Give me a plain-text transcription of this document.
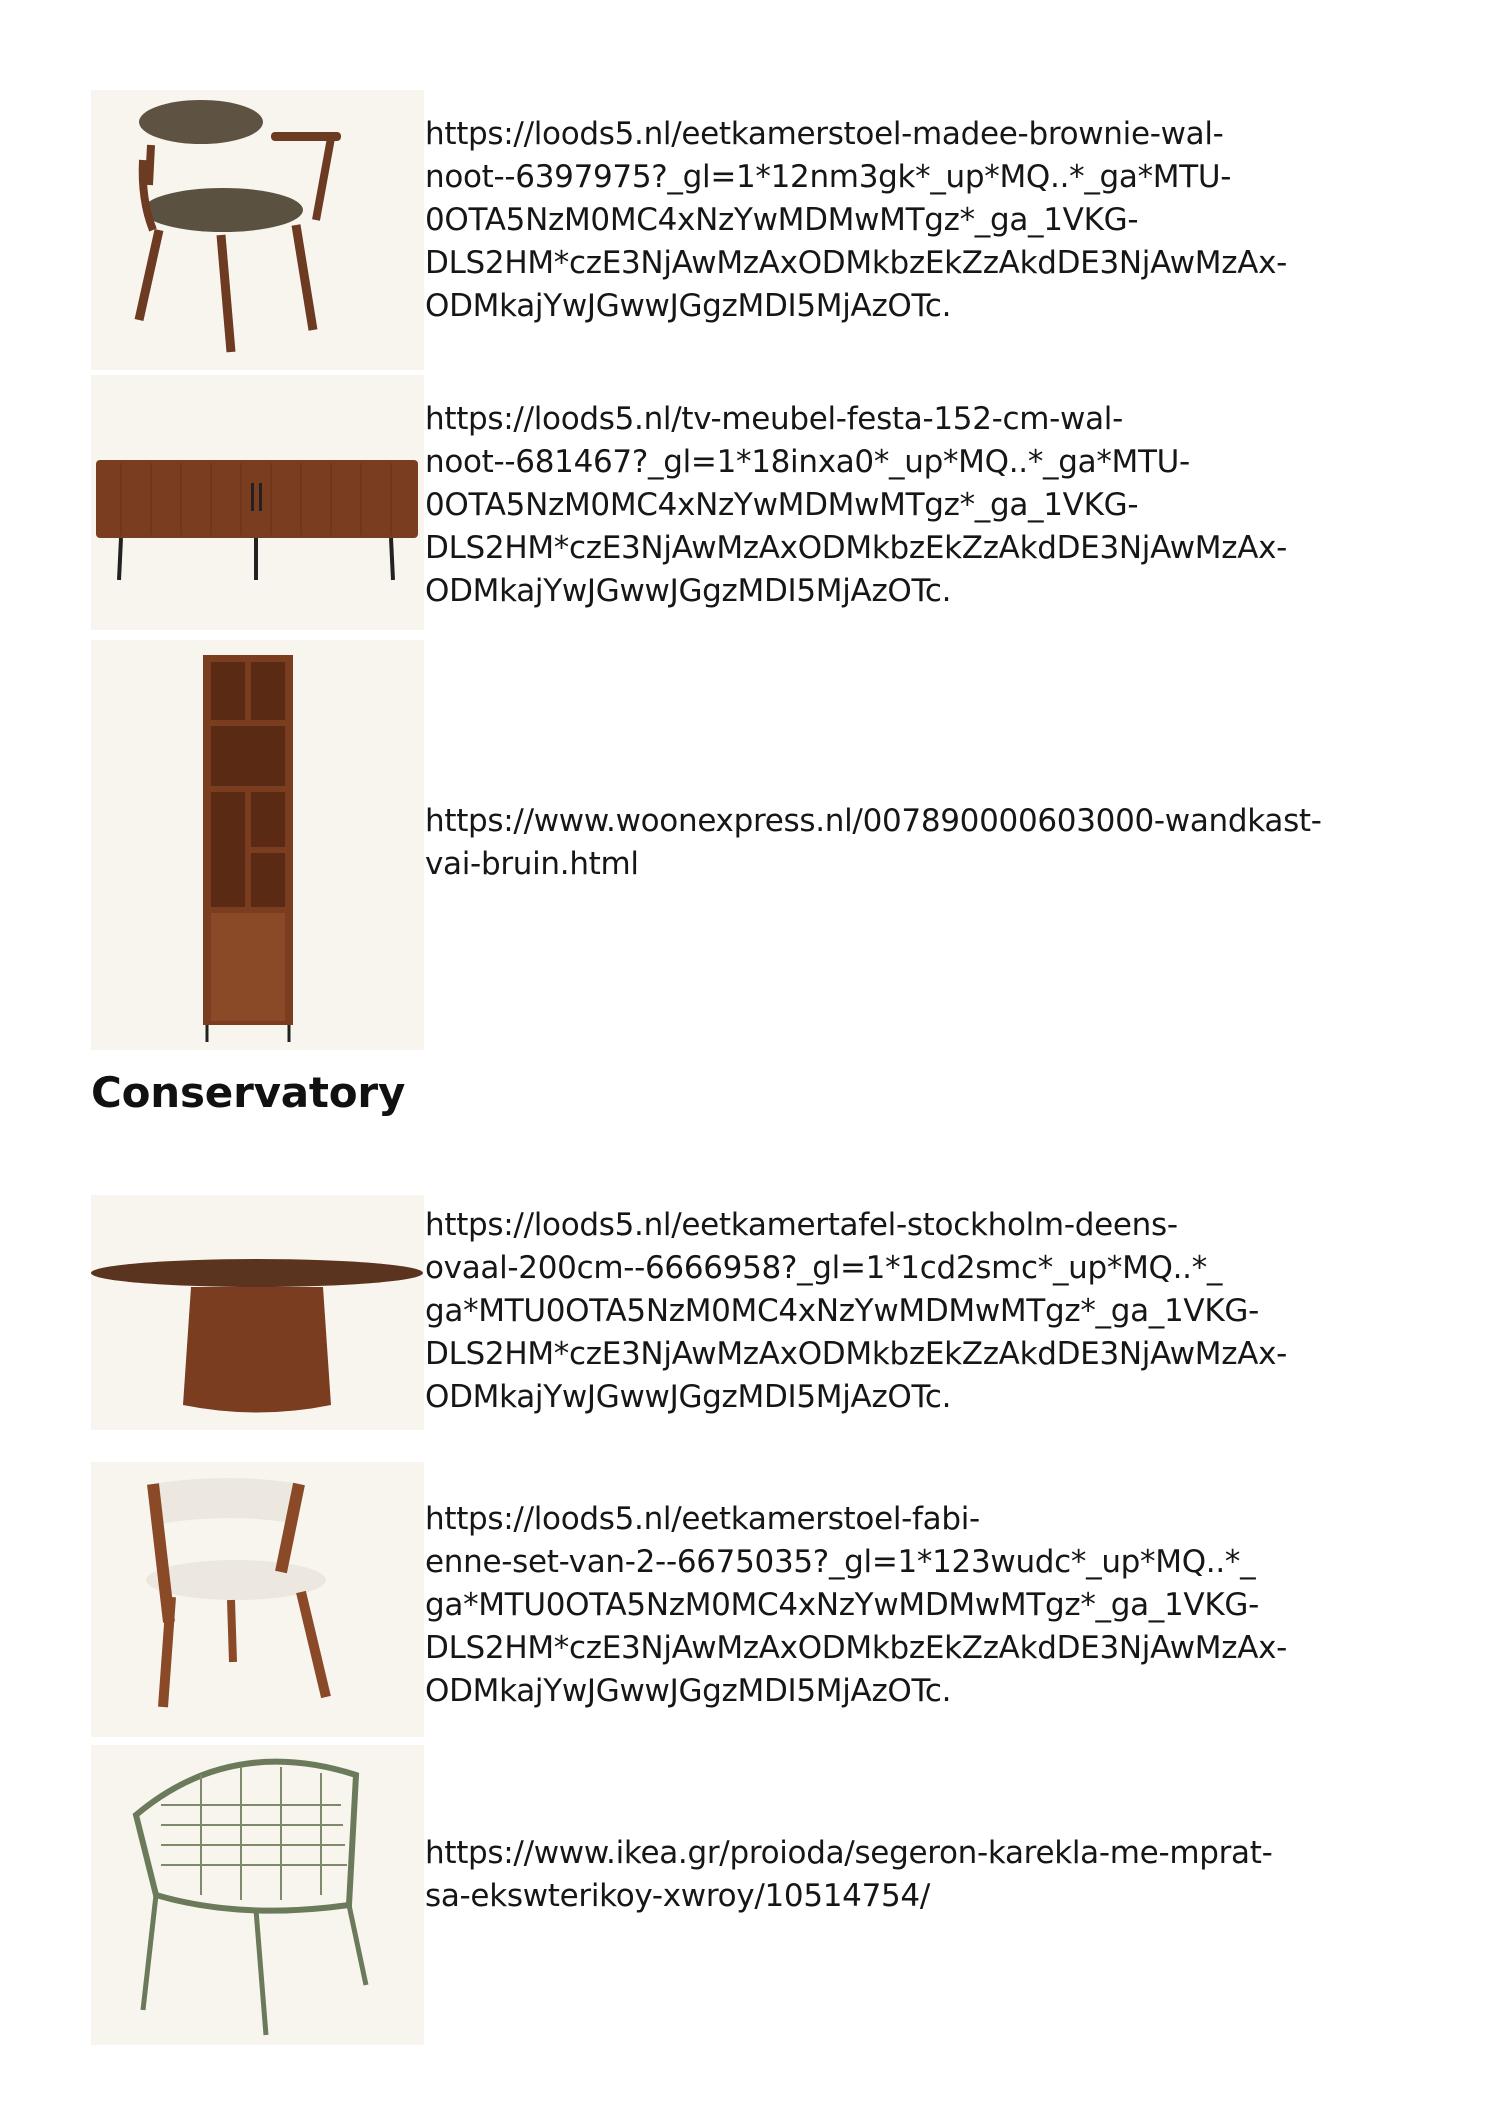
https://loods5.nl/eetkamerstoel-madee-brownie-wal-
noot--6397975?_gl=1*12nm3gk*_up*MQ..*_ga*MTU-
0OTA5NzM0MC4xNzYwMDMwMTgz*_ga_1VKG-
DLS2HM*czE3NjAwMzAxODMkbzEkZzAkdDE3NjAwMzAx-
ODMkajYwJGwwJGgzMDI5MjAzOTc.
https://loods5.nl/tv-meubel-festa-152-cm-wal-
noot--681467?_gl=1*18inxa0*_up*MQ..*_ga*MTU-
0OTA5NzM0MC4xNzYwMDMwMTgz*_ga_1VKG-
DLS2HM*czE3NjAwMzAxODMkbzEkZzAkdDE3NjAwMzAx-
ODMkajYwJGwwJGgzMDI5MjAzOTc.
https://www.woonexpress.nl/007890000603000-wandkast-
vai-bruin.html
Conservatory
https://loods5.nl/eetkamertafel-stockholm-deens-
ovaal-200cm--6666958?_gl=1*1cd2smc*_up*MQ..*_
ga*MTU0OTA5NzM0MC4xNzYwMDMwMTgz*_ga_1VKG-
DLS2HM*czE3NjAwMzAxODMkbzEkZzAkdDE3NjAwMzAx-
ODMkajYwJGwwJGgzMDI5MjAzOTc.
https://loods5.nl/eetkamerstoel-fabi-
enne-set-van-2--6675035?_gl=1*123wudc*_up*MQ..*_
ga*MTU0OTA5NzM0MC4xNzYwMDMwMTgz*_ga_1VKG-
DLS2HM*czE3NjAwMzAxODMkbzEkZzAkdDE3NjAwMzAx-
ODMkajYwJGwwJGgzMDI5MjAzOTc.
https://www.ikea.gr/proioda/segeron-karekla-me-mprat-
sa-ekswterikoy-xwroy/10514754/
